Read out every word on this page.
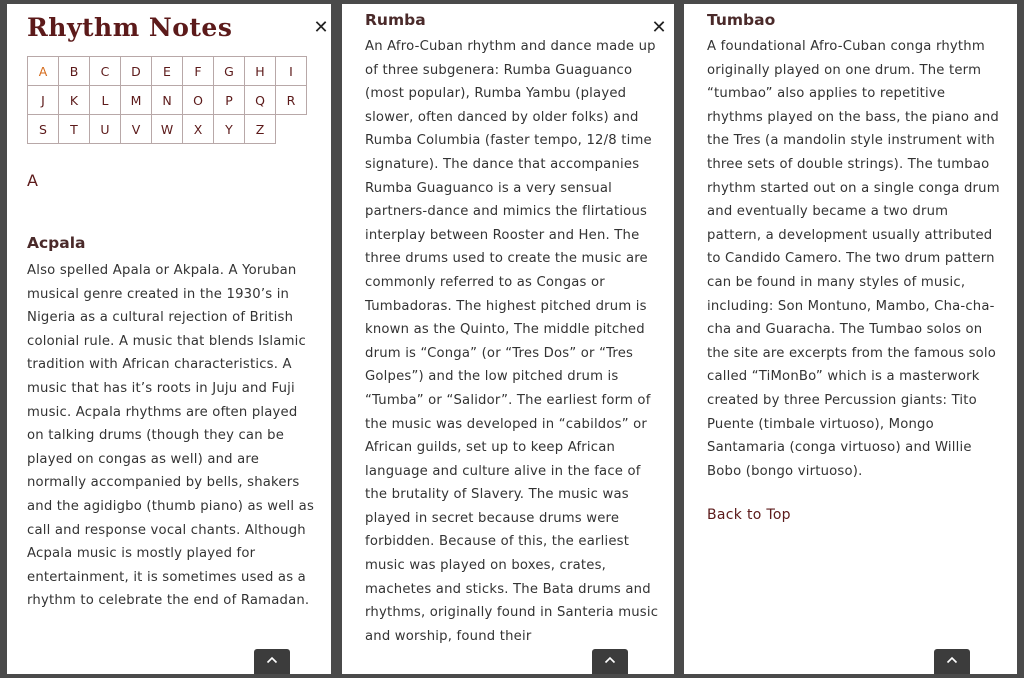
✕
Rhythm Notes
A	B	C	D	E	F	G	H	I
J	K	L	M	N	O	P	Q	R
S	T	U	V	W	X	Y	Z	
A
Acpala

Also spelled Apala or Akpala. A Yoruban musical genre created in the 1930’s in Nigeria as a cultural rejection of British colonial rule. A music that blends Islamic tradition with African characteristics. A music that has it’s roots in Juju and Fuji music. Acpala rhythms are often played on talking drums (though they can be played on congas as well) and are normally accompanied by bells, shakers and the agidigbo (thumb piano) as well as call and response vocal chants. Although Acpala music is mostly played for entertainment, it is sometimes used as a rhythm to celebrate the end of Ramadan.

✕
Rumba

An Afro-Cuban rhythm and dance made up of three subgenera: Rumba Guaguanco (most popular), Rumba Yambu (played slower, often danced by older folks) and Rumba Columbia (faster tempo, 12/8 time signature). The dance that accompanies Rumba Guaguanco is a very sensual partners-dance and mimics the flirtatious interplay between Rooster and Hen. The three drums used to create the music are commonly referred to as Congas or Tumbadoras. The highest pitched drum is known as the Quinto, The middle pitched drum is “Conga” (or “Tres Dos” or “Tres Golpes”) and the low pitched drum is “Tumba” or “Salidor”. The earliest form of the music was developed in “cabildos” or African guilds, set up to keep African language and culture alive in the face of the brutality of Slavery. The music was played in secret because drums were forbidden. Because of this, the earliest music was played on boxes, crates, machetes and sticks. The Bata drums and rhythms, originally found in Santeria music and worship, found their

Tumbao

A foundational Afro-Cuban conga rhythm originally played on one drum. The term “tumbao” also applies to repetitive rhythms played on the bass, the piano and the Tres (a mandolin style instrument with three sets of double strings). The tumbao rhythm started out on a single conga drum and eventually became a two drum pattern, a development usually attributed to Candido Camero. The two drum pattern can be found in many styles of music, including: Son Montuno, Mambo, Cha-cha-cha and Guaracha. The Tumbao solos on the site are excerpts from the famous solo called “TiMonBo” which is a masterwork created by three Percussion giants: Tito Puente (timbale virtuoso), Mongo Santamaria (conga virtuoso) and Willie Bobo (bongo virtuoso).

Back to Top
